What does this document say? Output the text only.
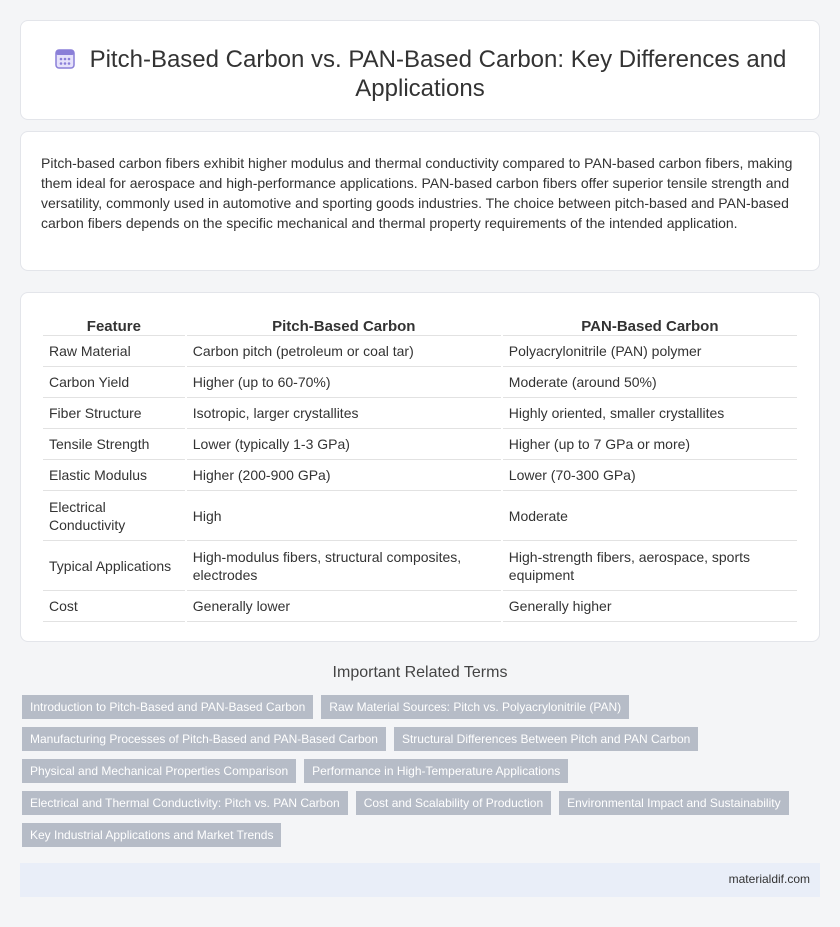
Pitch-Based Carbon vs. PAN-Based Carbon: Key Differences and Applications

Pitch-based carbon fibers exhibit higher modulus and thermal conductivity compared to PAN-based carbon fibers, making them ideal for aerospace and high-performance applications. PAN-based carbon fibers offer superior tensile strength and versatility, commonly used in automotive and sporting goods industries. The choice between pitch-based and PAN-based carbon fibers depends on the specific mechanical and thermal property requirements of the intended application.

Feature	Pitch-Based Carbon	PAN-Based Carbon
Raw Material	Carbon pitch (petroleum or coal tar)	Polyacrylonitrile (PAN) polymer
Carbon Yield	Higher (up to 60-70%)	Moderate (around 50%)
Fiber Structure	Isotropic, larger crystallites	Highly oriented, smaller crystallites
Tensile Strength	Lower (typically 1-3 GPa)	Higher (up to 7 GPa or more)
Elastic Modulus	Higher (200-900 GPa)	Lower (70-300 GPa)
Electrical Conductivity	High	Moderate
Typical Applications	High-modulus fibers, structural composites, electrodes	High-strength fibers, aerospace, sports equipment
Cost	Generally lower	Generally higher
Important Related Terms
Introduction to Pitch-Based and PAN-Based Carbon	Raw Material Sources: Pitch vs. Polyacrylonitrile (PAN)
Manufacturing Processes of Pitch-Based and PAN-Based Carbon	Structural Differences Between Pitch and PAN Carbon
Physical and Mechanical Properties Comparison	Performance in High-Temperature Applications
Electrical and Thermal Conductivity: Pitch vs. PAN Carbon	Cost and Scalability of Production	Environmental Impact and Sustainability
Key Industrial Applications and Market Trends
materialdif.com
